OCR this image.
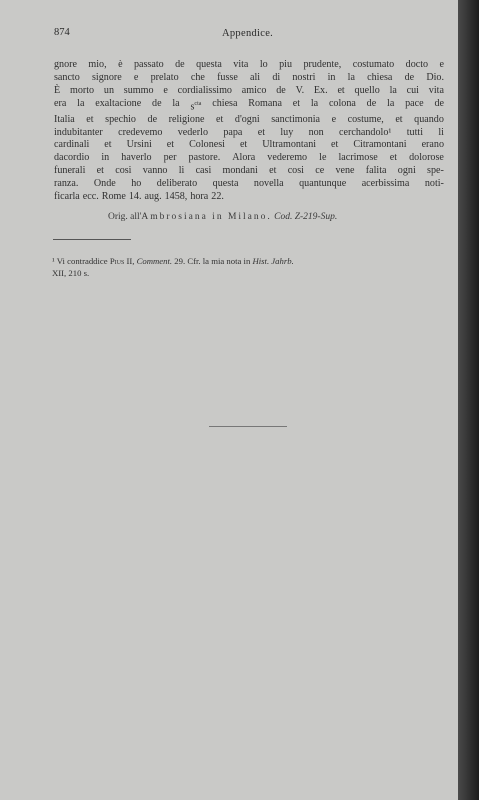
874	Appendice.
gnore mio, è passato de questa vita lo piu prudente, costumato docto e
sancto signore e prelato che fusse ali di nostri in la chiesa de Dio.
È morto un summo e cordialissimo amico de V. Ex. et quello la cui vita
era la exaltacione de la $s^{cta}$ chiesa Romana et la colona de la pace de
Italia et spechio de religione et d'ogni sanctimonia e costume, et quando
indubitanter credevemo vederlo papa et luy non cerchandolo¹ tutti li
cardinali et Ursini et Colonesi et Ultramontani et Citramontani erano
dacordio in haverlo per pastore. Alora vederemo le lacrimose et dolorose
funerali et cosi vanno li casi mondani et cosi ce vene falita ogni spe-
ranza. Onde ho deliberato questa novella quantunque acerbissima noti-
ficarla ecc. Rome 14. aug. 1458, hora 22.
Orig. all'Ambrosiana in Milano. Cod. Z-219-Sup.
¹
Vi contraddice
Pius II,
Comment.
29. Cfr. la mia nota in
Hist. Jahrb.
XII, 210 s.
